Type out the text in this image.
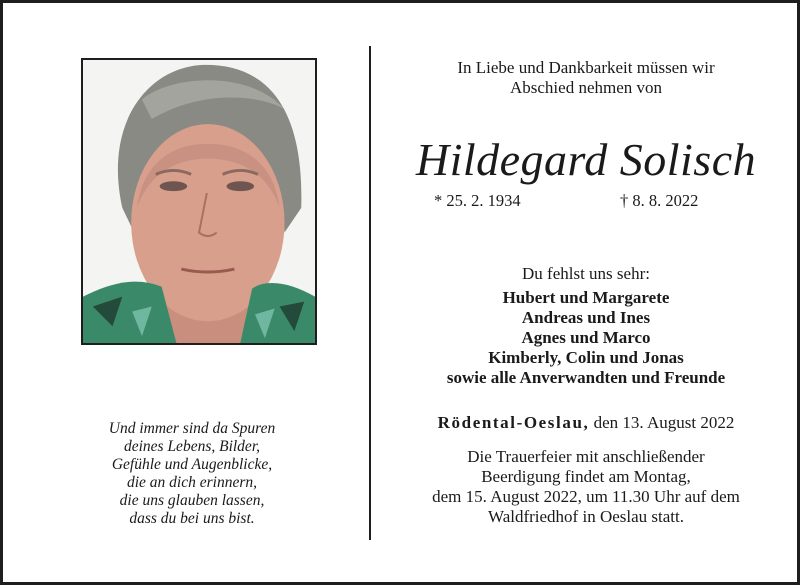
Und immer sind da Spuren
deines Lebens, Bilder,
Gefühle und Augenblicke,
die an dich erinnern,
die uns glauben lassen,
dass du bei uns bist.
In Liebe und Dankbarkeit müssen wir
Abschied nehmen von
Hildegard Solisch
* 25. 2. 1934	† 8. 8. 2022
Du fehlst uns sehr:
Hubert und Margarete
Andreas und Ines
Agnes und Marco
Kimberly, Colin und Jonas
sowie alle Anverwandten und Freunde
Rödental-Oeslau, den 13. August 2022
Die Trauerfeier mit anschließender
Beerdigung findet am Montag,
dem 15. August 2022, um 11.30 Uhr auf dem
Waldfriedhof in Oeslau statt.
